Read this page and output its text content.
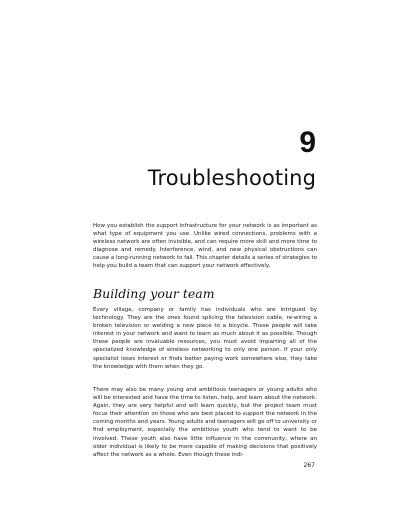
9
Troubleshooting
How you establish the support infrastructure for your network is as important as what type of equipment you use. Unlike wired connections, problems with a wireless network are often invisible, and can require more skill and more time to diagnose and remedy. Interference, wind, and new physical obstructions can cause a long-running network to fail. This chapter details a series of strategies to help you build a team that can support your network effectively.
Building your team
Every village, company or family has individuals who are intrigued by technology. They are the ones found splicing the television cable, re-wiring a broken television or welding a new piece to a bicycle. These people will take interest in your network and want to learn as much about it as possible. Though these people are invaluable resources, you must avoid imparting all of the specialized knowledge of wireless networking to only one person. If your only specialist loses interest or finds better paying work somewhere else, they take the knowledge with them when they go.
There may also be many young and ambitious teenagers or young adults who will be interested and have the time to listen, help, and learn about the network. Again, they are very helpful and will learn quickly, but the project team must focus their attention on those who are best placed to support the network in the coming months and years. Young adults and teenagers will go off to university or find employment, especially the ambitious youth who tend to want to be involved. These youth also have little influence in the community, where an older individual is likely to be more capable of making decisions that positively affect the network as a whole. Even though these indi-
267
